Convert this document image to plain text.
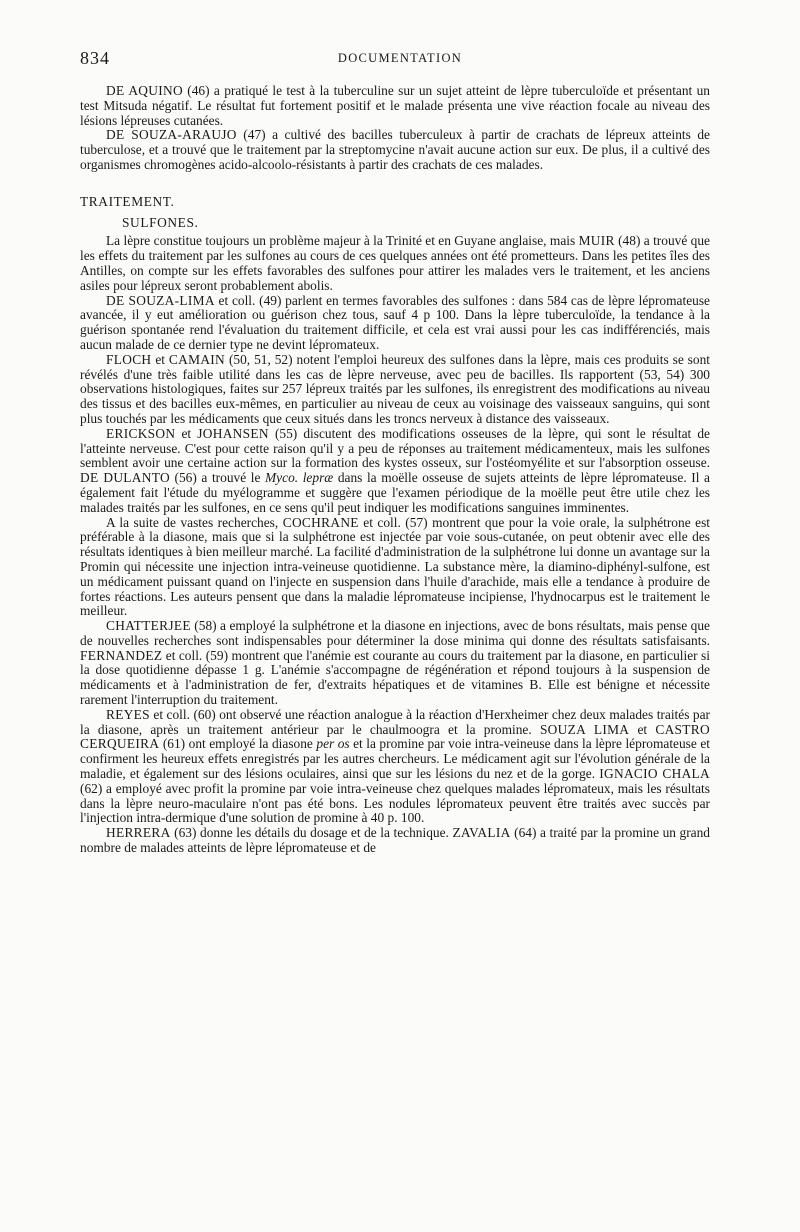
834	DOCUMENTATION

DE AQUINO (46) a pratiqué le test à la tuberculine sur un sujet atteint de lèpre tuberculoïde et présentant un test Mitsuda négatif. Le résultat fut fortement positif et le malade présenta une vive réaction focale au niveau des lésions lépreuses cutanées.

DE SOUZA-ARAUJO (47) a cultivé des bacilles tuberculeux à partir de crachats de lépreux atteints de tuberculose, et a trouvé que le traitement par la streptomycine n'avait aucune action sur eux. De plus, il a cultivé des organismes chromogènes acido-alcoolo-résistants à partir des crachats de ces malades.

TRAITEMENT.
SULFONES.

La lèpre constitue toujours un problème majeur à la Trinité et en Guyane anglaise, mais MUIR (48) a trouvé que les effets du traitement par les sulfones au cours de ces quelques années ont été prometteurs. Dans les petites îles des Antilles, on compte sur les effets favorables des sulfones pour attirer les malades vers le traitement, et les anciens asiles pour lépreux seront probablement abolis.

DE SOUZA-LIMA et coll. (49) parlent en termes favorables des sulfones : dans 584 cas de lèpre lépromateuse avancée, il y eut amélioration ou guérison chez tous, sauf 4 p 100. Dans la lèpre tuberculoïde, la tendance à la guérison spontanée rend l'évaluation du traitement difficile, et cela est vrai aussi pour les cas indifférenciés, mais aucun malade de ce dernier type ne devint lépromateux.

FLOCH et CAMAIN (50, 51, 52) notent l'emploi heureux des sulfones dans la lèpre, mais ces produits se sont révélés d'une très faible utilité dans les cas de lèpre nerveuse, avec peu de bacilles. Ils rapportent (53, 54) 300 observations histologiques, faites sur 257 lépreux traités par les sulfones, ils enregistrent des modifications au niveau des tissus et des bacilles eux-mêmes, en particulier au niveau de ceux au voisinage des vaisseaux sanguins, qui sont plus touchés par les médicaments que ceux situés dans les troncs nerveux à distance des vaisseaux.

ERICKSON et JOHANSEN (55) discutent des modifications osseuses de la lèpre, qui sont le résultat de l'atteinte nerveuse. C'est pour cette raison qu'il y a peu de réponses au traitement médicamenteux, mais les sulfones semblent avoir une certaine action sur la formation des kystes osseux, sur l'ostéomyélite et sur l'absorption osseuse. DE DULANTO (56) a trouvé le Myco. lepræ dans la moëlle osseuse de sujets atteints de lèpre lépromateuse. Il a également fait l'étude du myélogramme et suggère que l'examen périodique de la moëlle peut être utile chez les malades traités par les sulfones, en ce sens qu'il peut indiquer les modifications sanguines imminentes.

A la suite de vastes recherches, COCHRANE et coll. (57) montrent que pour la voie orale, la sulphétrone est préférable à la diasone, mais que si la sulphétrone est injectée par voie sous-cutanée, on peut obtenir avec elle des résultats identiques à bien meilleur marché. La facilité d'administration de la sulphétrone lui donne un avantage sur la Promin qui nécessite une injection intra-veineuse quotidienne. La substance mère, la diamino-diphényl-sulfone, est un médicament puissant quand on l'injecte en suspension dans l'huile d'arachide, mais elle a tendance à produire de fortes réactions. Les auteurs pensent que dans la maladie lépromateuse incipiense, l'hydnocarpus est le traitement le meilleur.

CHATTERJEE (58) a employé la sulphétrone et la diasone en injections, avec de bons résultats, mais pense que de nouvelles recherches sont indispensables pour déterminer la dose minima qui donne des résultats satisfaisants. FERNANDEZ et coll. (59) montrent que l'anémie est courante au cours du traitement par la diasone, en particulier si la dose quotidienne dépasse 1 g. L'anémie s'accompagne de régénération et répond toujours à la suspension de médicaments et à l'administration de fer, d'extraits hépatiques et de vitamines B. Elle est bénigne et nécessite rarement l'interruption du traitement.

REYES et coll. (60) ont observé une réaction analogue à la réaction d'Herxheimer chez deux malades traités par la diasone, après un traitement antérieur par le chaulmoogra et la promine. SOUZA LIMA et CASTRO CERQUEIRA (61) ont employé la diasone per os et la promine par voie intra-veineuse dans la lèpre lépromateuse et confirment les heureux effets enregistrés par les autres chercheurs. Le médicament agit sur l'évolution générale de la maladie, et également sur des lésions oculaires, ainsi que sur les lésions du nez et de la gorge. IGNACIO CHALA (62) a employé avec profit la promine par voie intra-veineuse chez quelques malades lépromateux, mais les résultats dans la lèpre neuro-maculaire n'ont pas été bons. Les nodules lépromateux peuvent être traités avec succès par l'injection intra-dermique d'une solution de promine à 40 p. 100.

HERRERA (63) donne les détails du dosage et de la technique. ZAVALIA (64) a traité par la promine un grand nombre de malades atteints de lèpre lépromateuse et de
